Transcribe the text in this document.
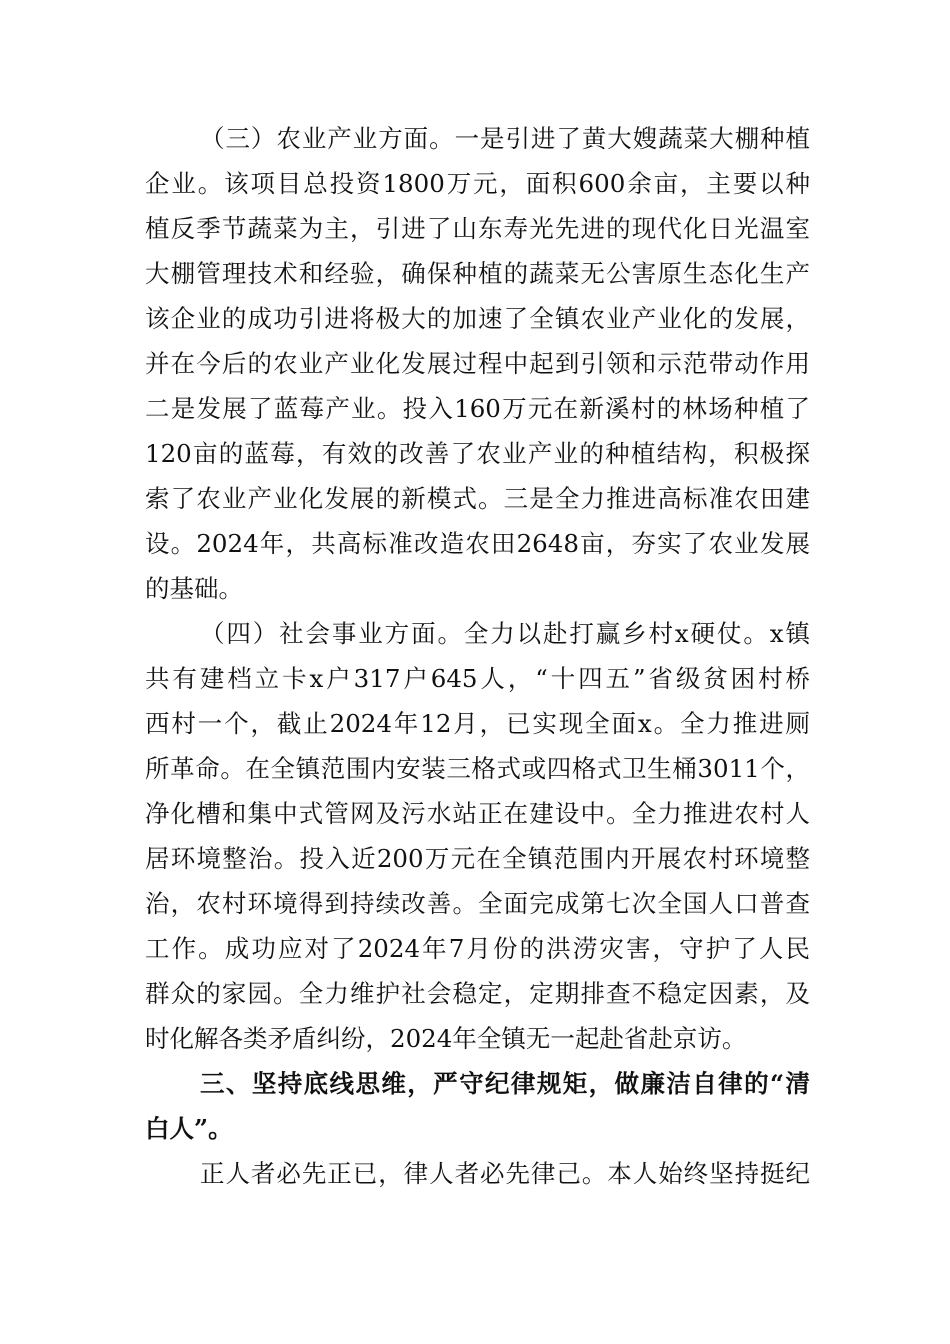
（三）农业产业方面。一是引进了黄大嫂蔬菜大棚种植
企业。该项目总投资1800万元，面积600余亩，主要以种
植反季节蔬菜为主，引进了山东寿光先进的现代化日光温室
大棚管理技术和经验，确保种植的蔬菜无公害原生态化生产
该企业的成功引进将极大的加速了全镇农业产业化的发展，
并在今后的农业产业化发展过程中起到引领和示范带动作用
二是发展了蓝莓产业。投入160万元在新溪村的林场种植了
120亩的蓝莓，有效的改善了农业产业的种植结构，积极探
索了农业产业化发展的新模式。三是全力推进高标准农田建
设。2024年，共高标准改造农田2648亩，夯实了农业发展
的基础。
（四）社会事业方面。全力以赴打赢乡村x硬仗。x镇
共有建档立卡x户317户645人，“十四五”省级贫困村桥
西村一个，截止2024年12月，已实现全面x。全力推进厕
所革命。在全镇范围内安装三格式或四格式卫生桶3011个，
净化槽和集中式管网及污水站正在建设中。全力推进农村人
居环境整治。投入近200万元在全镇范围内开展农村环境整
治，农村环境得到持续改善。全面完成第七次全国人口普查
工作。成功应对了2024年7月份的洪涝灾害，守护了人民
群众的家园。全力维护社会稳定，定期排查不稳定因素，及
时化解各类矛盾纠纷，2024年全镇无一起赴省赴京访。
三、坚持底线思维，严守纪律规矩，做廉洁自律的“清
白人”。
正人者必先正已，律人者必先律己。本人始终坚持挺纪
